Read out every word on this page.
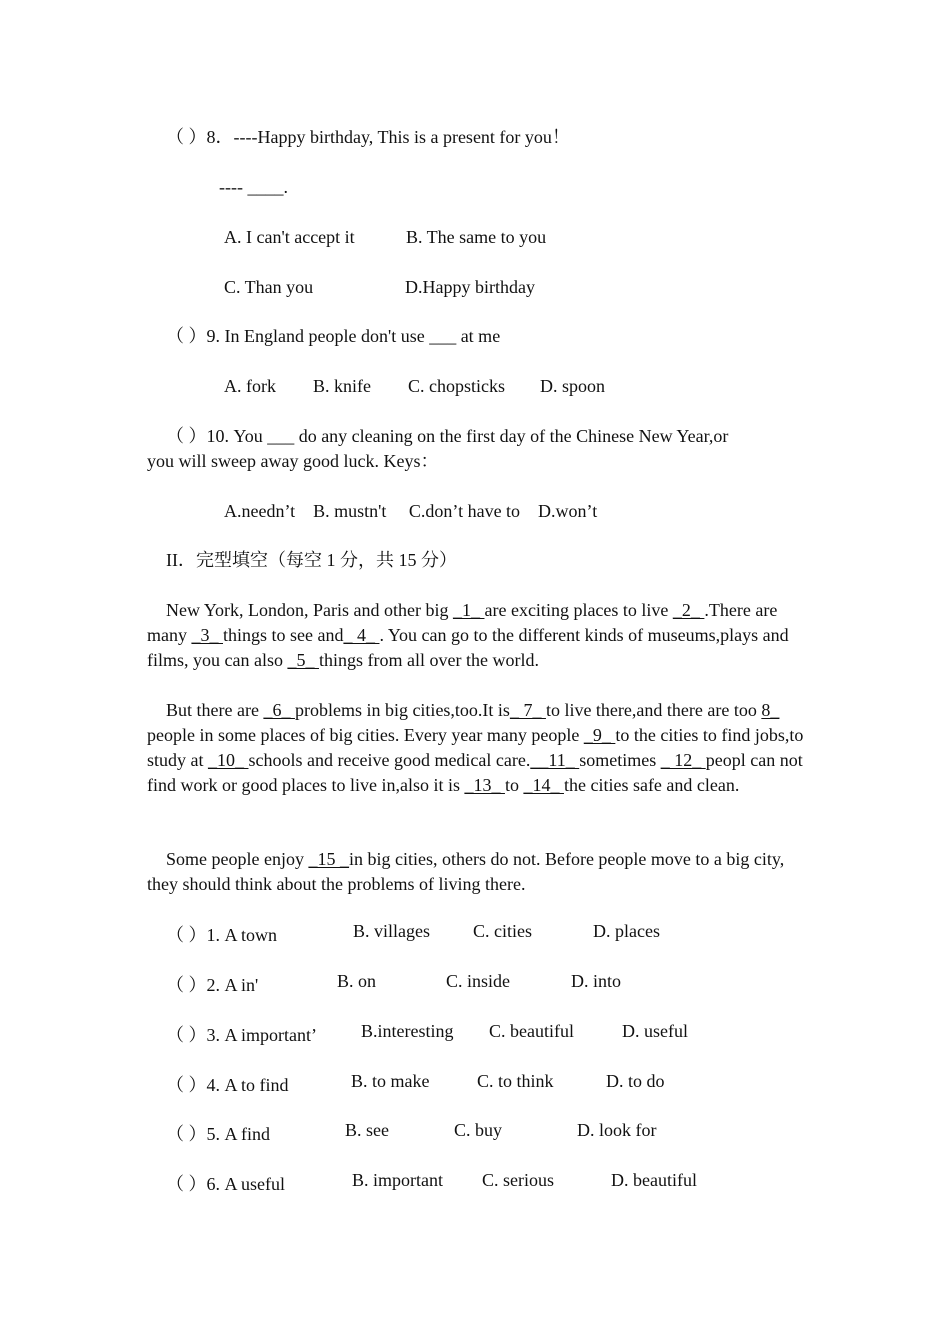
（ ）8．----Happy birthday, This is a present for you！
---- ____.
A. I can't accept it	B. The same to you
C. Than you	D.Happy birthday
（ ）9. In England people don't use ___ at me
A. fork B. knife C. chopsticks D. spoon
（ ）10. You ___ do any cleaning on the first day of the Chinese New Year,or
you will sweep away good luck. Keys：
A.needn’t    B. mustn't     C.don’t have to    D.won’t
II．完型填空（每空 1 分，共 15 分）
New York, London, Paris and other big _1_ are exciting places to live _2_ .There are many _3_ things to see and_ 4_ . You can go to the different kinds of museums,plays and films, you can also _5_ things from all over the world.
But there are _6_ problems in big cities,too.It is_ 7_ to live there,and there are too 8_ people in some places of big cities. Every year many people _9_ to the cities to find jobs,to study at _10_ schools and receive good medical care.__11_ sometimes _ 12_ peopl can not find work or good places to live in,also it is _13_ to _14_ the cities safe and clean.
Some people enjoy _15 _in big cities, others do not. Before people move to a big city, they should think about the problems of living there.
（ ）1. A town	B. villages C. cities	D. places
（ ）2. A in'	B. on	C. inside	D. into
（ ）3. A important’ B.interesting C. beautiful	D. useful
（ ）4. A to find	B. to make	C. to think	D. to do
（ ）5. A find	B. see	C. buy	D. look for
（ ）6. A useful	B. important C. serious	D. beautiful
